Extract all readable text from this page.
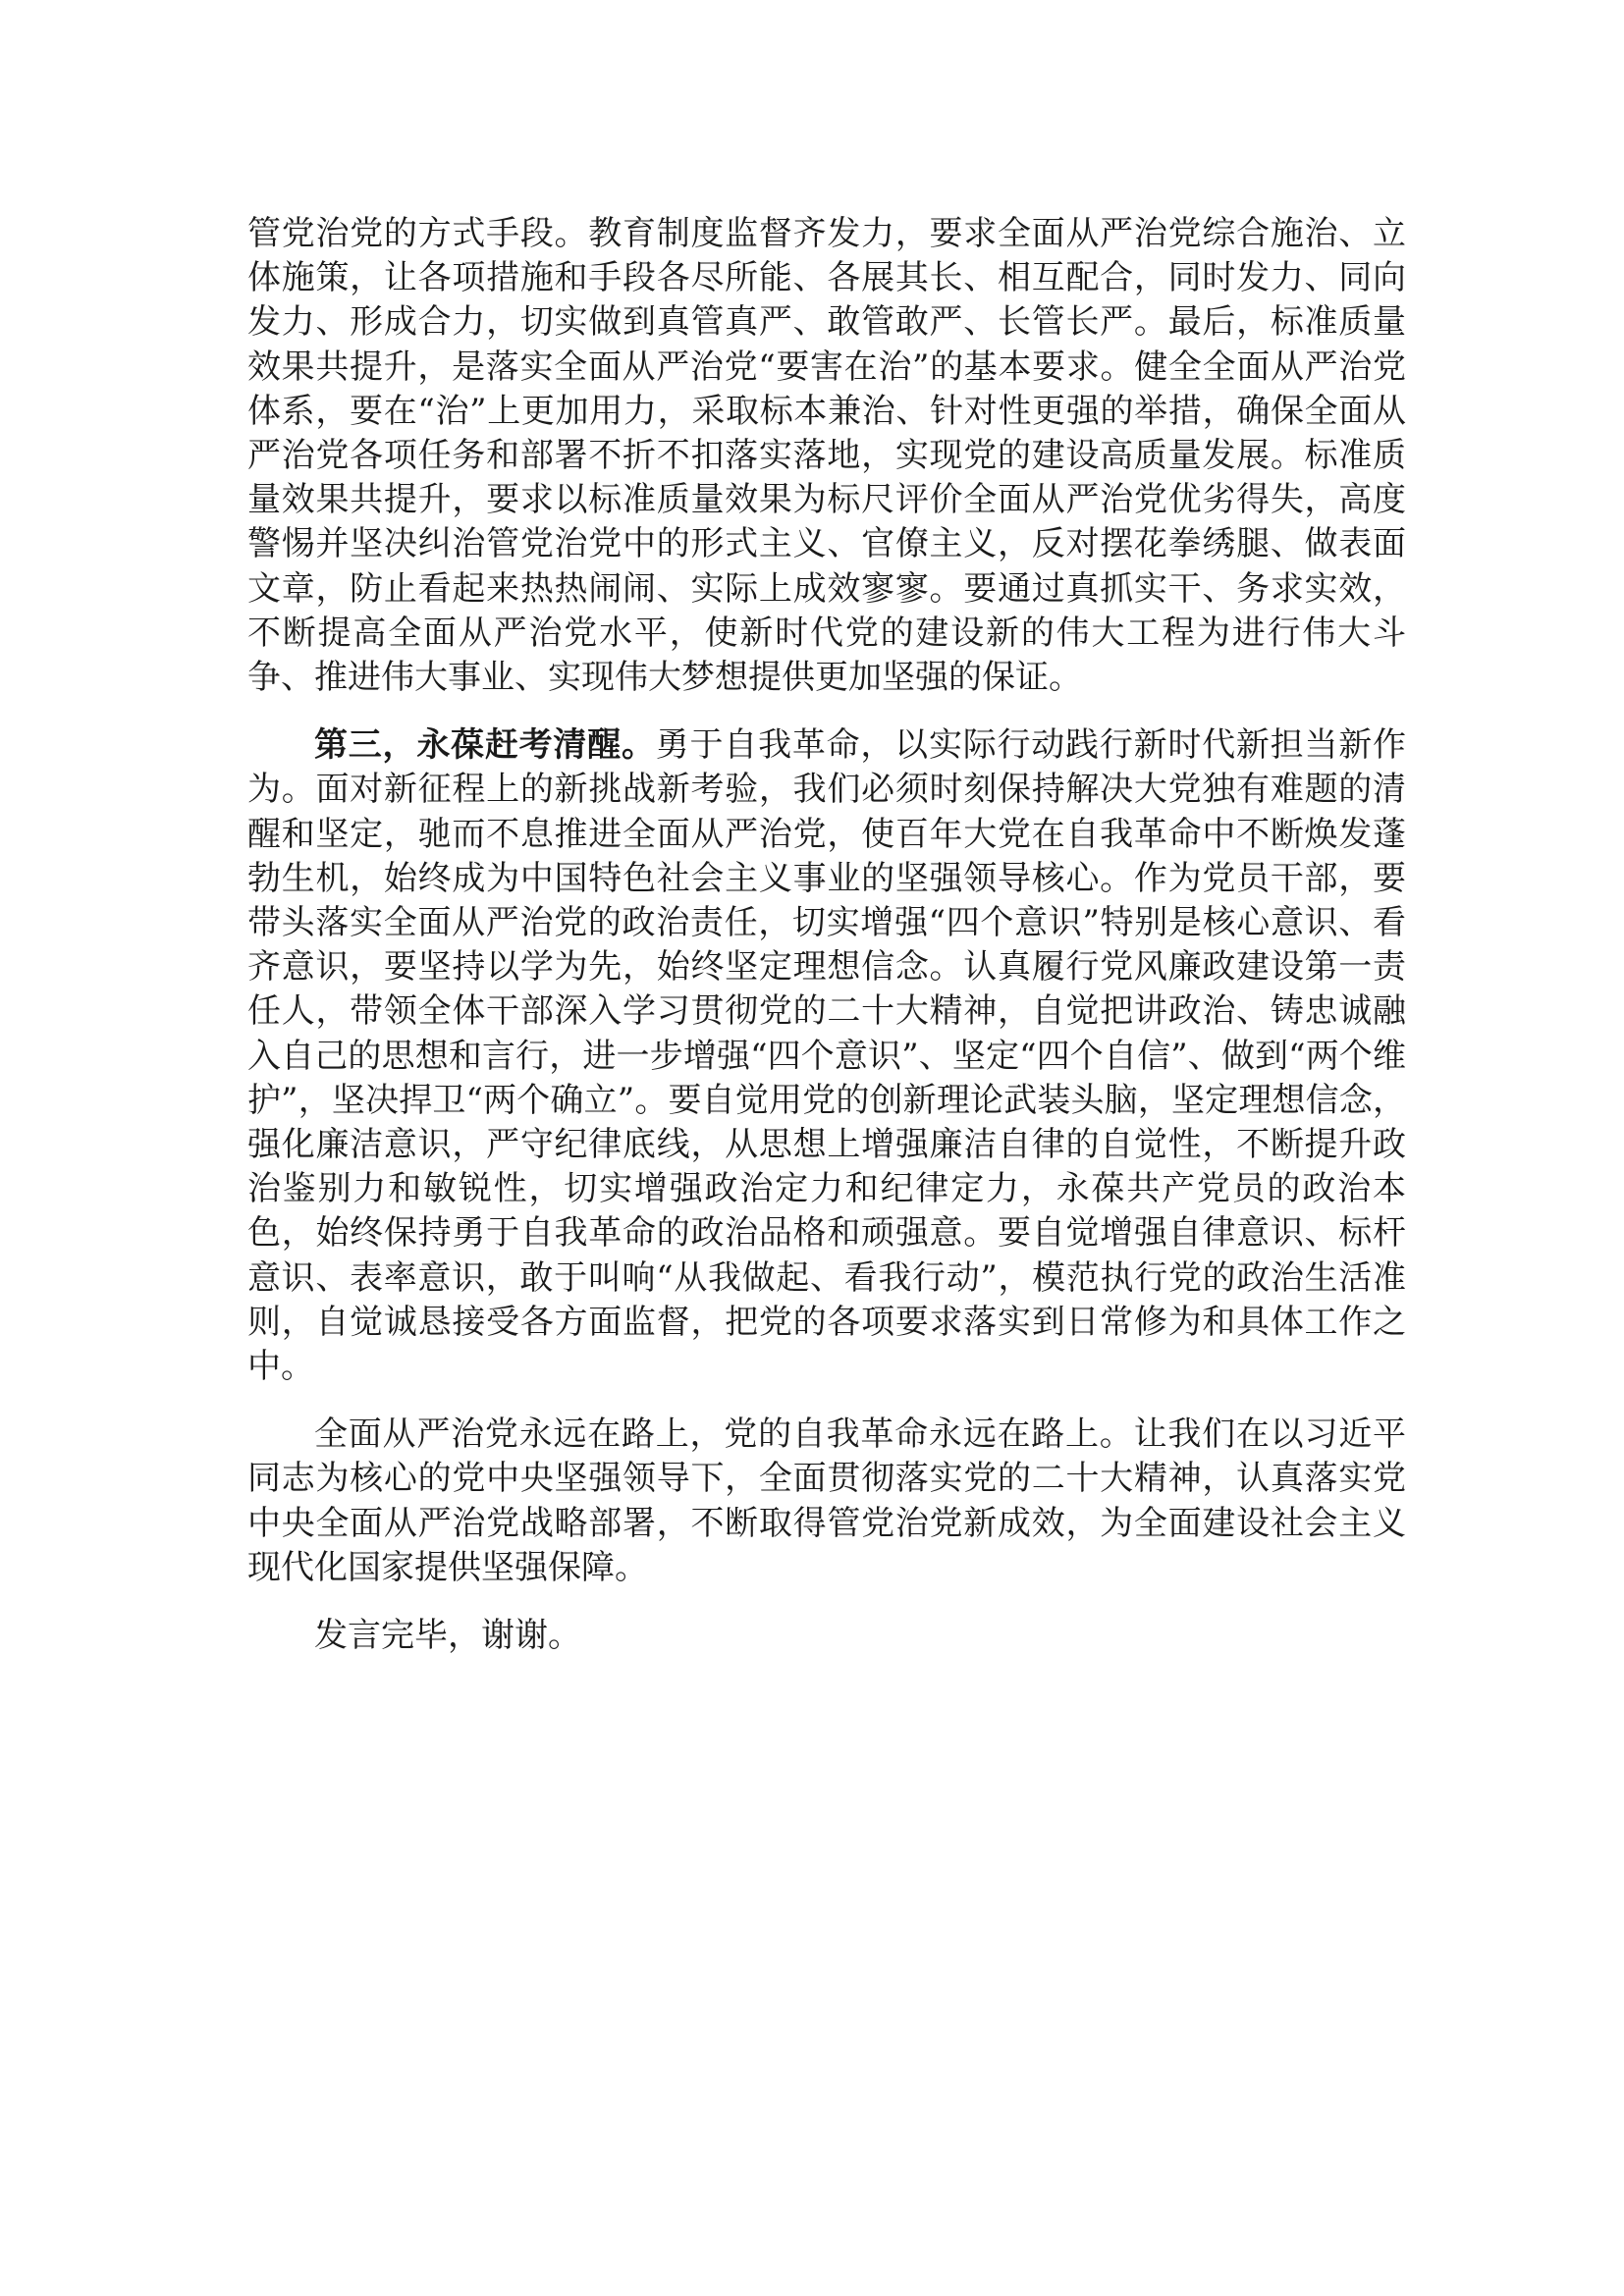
管党治党的方式手段。教育制度监督齐发力，要求全面从严治党综合施治、立体施策，让各项措施和手段各尽所能、各展其长、相互配合，同时发力、同向发力、形成合力，切实做到真管真严、敢管敢严、长管长严。最后，标准质量效果共提升，是落实全面从严治党“要害在治”的基本要求。健全全面从严治党体系，要在“治”上更加用力，采取标本兼治、针对性更强的举措，确保全面从严治党各项任务和部署不折不扣落实落地，实现党的建设高质量发展。标准质量效果共提升，要求以标准质量效果为标尺评价全面从严治党优劣得失，高度警惕并坚决纠治管党治党中的形式主义、官僚主义，反对摆花拳绣腿、做表面文章，防止看起来热热闹闹、实际上成效寥寥。要通过真抓实干、务求实效，不断提高全面从严治党水平，使新时代党的建设新的伟大工程为进行伟大斗争、推进伟大事业、实现伟大梦想提供更加坚强的保证。

第三，永葆赶考清醒。勇于自我革命，以实际行动践行新时代新担当新作为。面对新征程上的新挑战新考验，我们必须时刻保持解决大党独有难题的清醒和坚定，驰而不息推进全面从严治党，使百年大党在自我革命中不断焕发蓬勃生机，始终成为中国特色社会主义事业的坚强领导核心。作为党员干部，要带头落实全面从严治党的政治责任，切实增强“四个意识”特别是核心意识、看齐意识，要坚持以学为先，始终坚定理想信念。认真履行党风廉政建设第一责任人，带领全体干部深入学习贯彻党的二十大精神，自觉把讲政治、铸忠诚融入自己的思想和言行，进一步增强“四个意识”、坚定“四个自信”、做到“两个维护”，坚决捍卫“两个确立”。要自觉用党的创新理论武装头脑，坚定理想信念，强化廉洁意识，严守纪律底线，从思想上增强廉洁自律的自觉性，不断提升政治鉴别力和敏锐性，切实增强政治定力和纪律定力，永葆共产党员的政治本色，始终保持勇于自我革命的政治品格和顽强意。要自觉增强自律意识、标杆意识、表率意识，敢于叫响“从我做起、看我行动”，模范执行党的政治生活准则，自觉诚恳接受各方面监督，把党的各项要求落实到日常修为和具体工作之中。

全面从严治党永远在路上，党的自我革命永远在路上。让我们在以习近平同志为核心的党中央坚强领导下，全面贯彻落实党的二十大精神，认真落实党中央全面从严治党战略部署，不断取得管党治党新成效，为全面建设社会主义现代化国家提供坚强保障。

发言完毕，谢谢。
